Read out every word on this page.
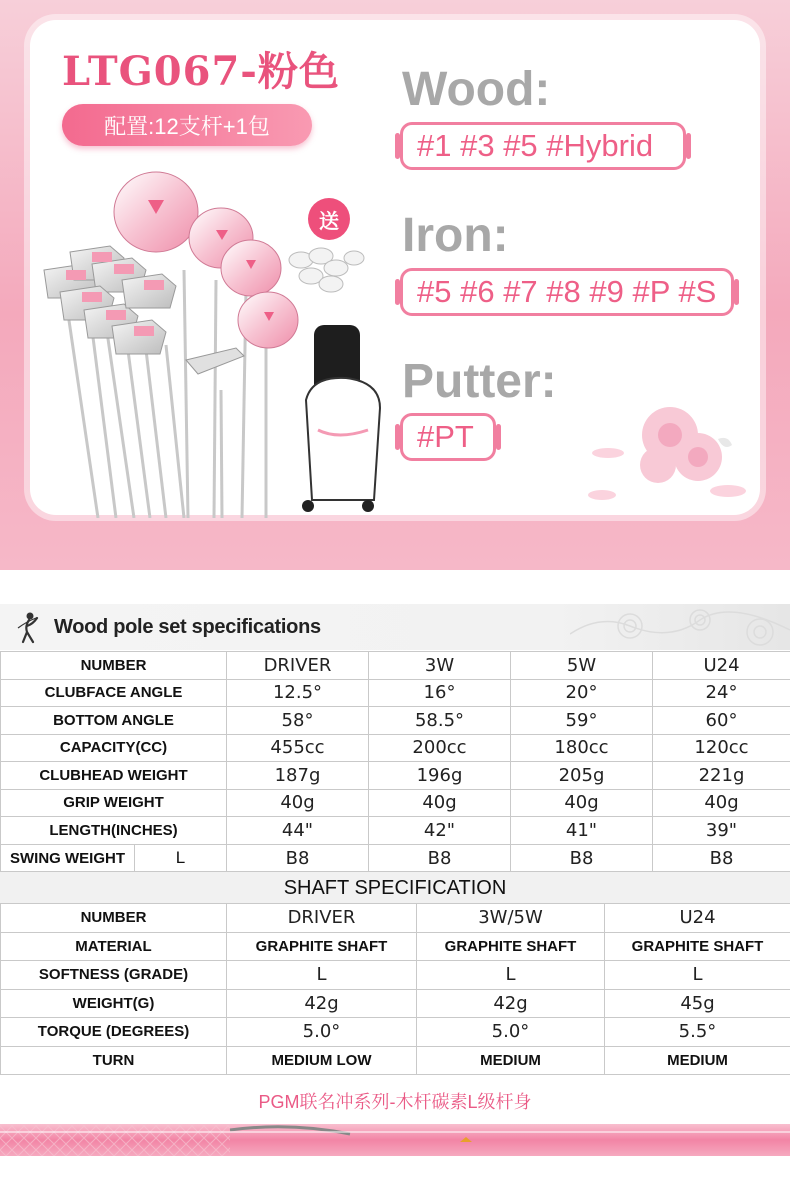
LTG067-粉色
配置:12支杆+1包
送
Wood:
#1 #3 #5 #Hybrid
Iron:
#5 #6 #7 #8 #9 #P #S
Putter:
#PT
Wood pole set specifications
NUMBER	DRIVER	3W	5W	U24
CLUBFACE ANGLE	12.5°	16°	20°	24°
BOTTOM ANGLE	58°	58.5°	59°	60°
CAPACITY(CC)	455cc	200cc	180cc	120cc
CLUBHEAD WEIGHT	187g	196g	205g	221g
GRIP WEIGHT	40g	40g	40g	40g
LENGTH(INCHES)	44"	42"	41"	39"

SWING WEIGHT L	B8	B8	B8	B8
SHAFT SPECIFICATION
NUMBER	DRIVER	3W/5W	U24
MATERIAL	GRAPHITE SHAFT	GRAPHITE SHAFT	GRAPHITE SHAFT
SOFTNESS (GRADE)	L	L	L
WEIGHT(G)	42g	42g	45g
TORQUE (DEGREES)	5.0°	5.0°	5.5°
TURN	MEDIUM LOW	MEDIUM	MEDIUM
PGM联名冲系列-木杆碳素L级杆身
